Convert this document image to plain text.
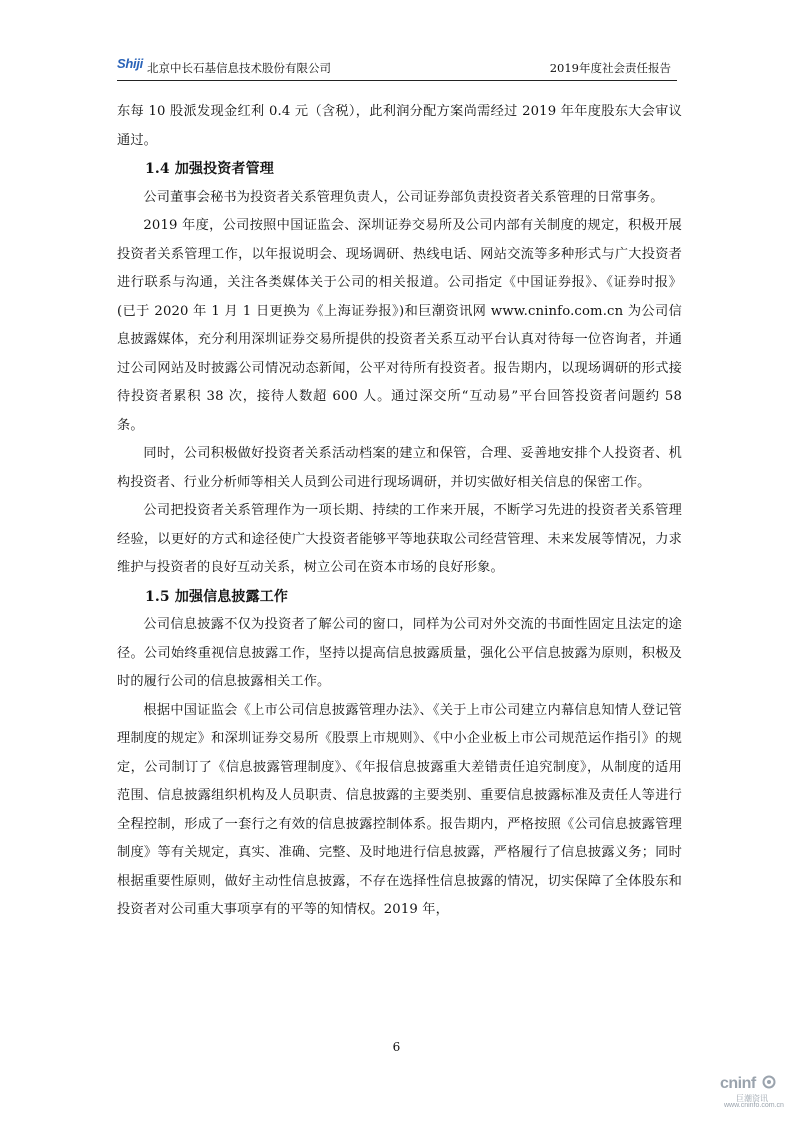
Shiji 北京中长石基信息技术股份有限公司	2019年度社会责任报告

东每 10 股派发现金红利 0.4 元（含税），此利润分配方案尚需经过 2019 年年度股东大会审议通过。

1.4 加强投资者管理

公司董事会秘书为投资者关系管理负责人，公司证券部负责投资者关系管理的日常事务。

2019 年度，公司按照中国证监会、深圳证券交易所及公司内部有关制度的规定，积极开展投资者关系管理工作，以年报说明会、现场调研、热线电话、网站交流等多种形式与广大投资者进行联系与沟通，关注各类媒体关于公司的相关报道。公司指定《中国证券报》、《证券时报》(已于 2020 年 1 月 1 日更换为《上海证券报》)和巨潮资讯网 www.cninfo.com.cn 为公司信息披露媒体，充分利用深圳证券交易所提供的投资者关系互动平台认真对待每一位咨询者，并通过公司网站及时披露公司情况动态新闻，公平对待所有投资者。报告期内，以现场调研的形式接待投资者累积 38 次，接待人数超 600 人。通过深交所“互动易”平台回答投资者问题约 58 条。

同时，公司积极做好投资者关系活动档案的建立和保管，合理、妥善地安排个人投资者、机构投资者、行业分析师等相关人员到公司进行现场调研，并切实做好相关信息的保密工作。

公司把投资者关系管理作为一项长期、持续的工作来开展，不断学习先进的投资者关系管理经验，以更好的方式和途径使广大投资者能够平等地获取公司经营管理、未来发展等情况，力求维护与投资者的良好互动关系，树立公司在资本市场的良好形象。

1.5 加强信息披露工作

公司信息披露不仅为投资者了解公司的窗口，同样为公司对外交流的书面性固定且法定的途径。公司始终重视信息披露工作，坚持以提高信息披露质量，强化公平信息披露为原则，积极及时的履行公司的信息披露相关工作。

根据中国证监会《上市公司信息披露管理办法》、《关于上市公司建立内幕信息知情人登记管理制度的规定》和深圳证券交易所《股票上市规则》、《中小企业板上市公司规范运作指引》的规定，公司制订了《信息披露管理制度》、《年报信息披露重大差错责任追究制度》，从制度的适用范围、信息披露组织机构及人员职责、信息披露的主要类别、重要信息披露标准及责任人等进行全程控制，形成了一套行之有效的信息披露控制体系。报告期内，严格按照《公司信息披露管理制度》等有关规定，真实、准确、完整、及时地进行信息披露，严格履行了信息披露义务；同时根据重要性原则，做好主动性信息披露，不存在选择性信息披露的情况，切实保障了全体股东和投资者对公司重大事项享有的平等的知情权。2019 年，

6
cninf
巨潮资讯
www.cninfo.com.cn
